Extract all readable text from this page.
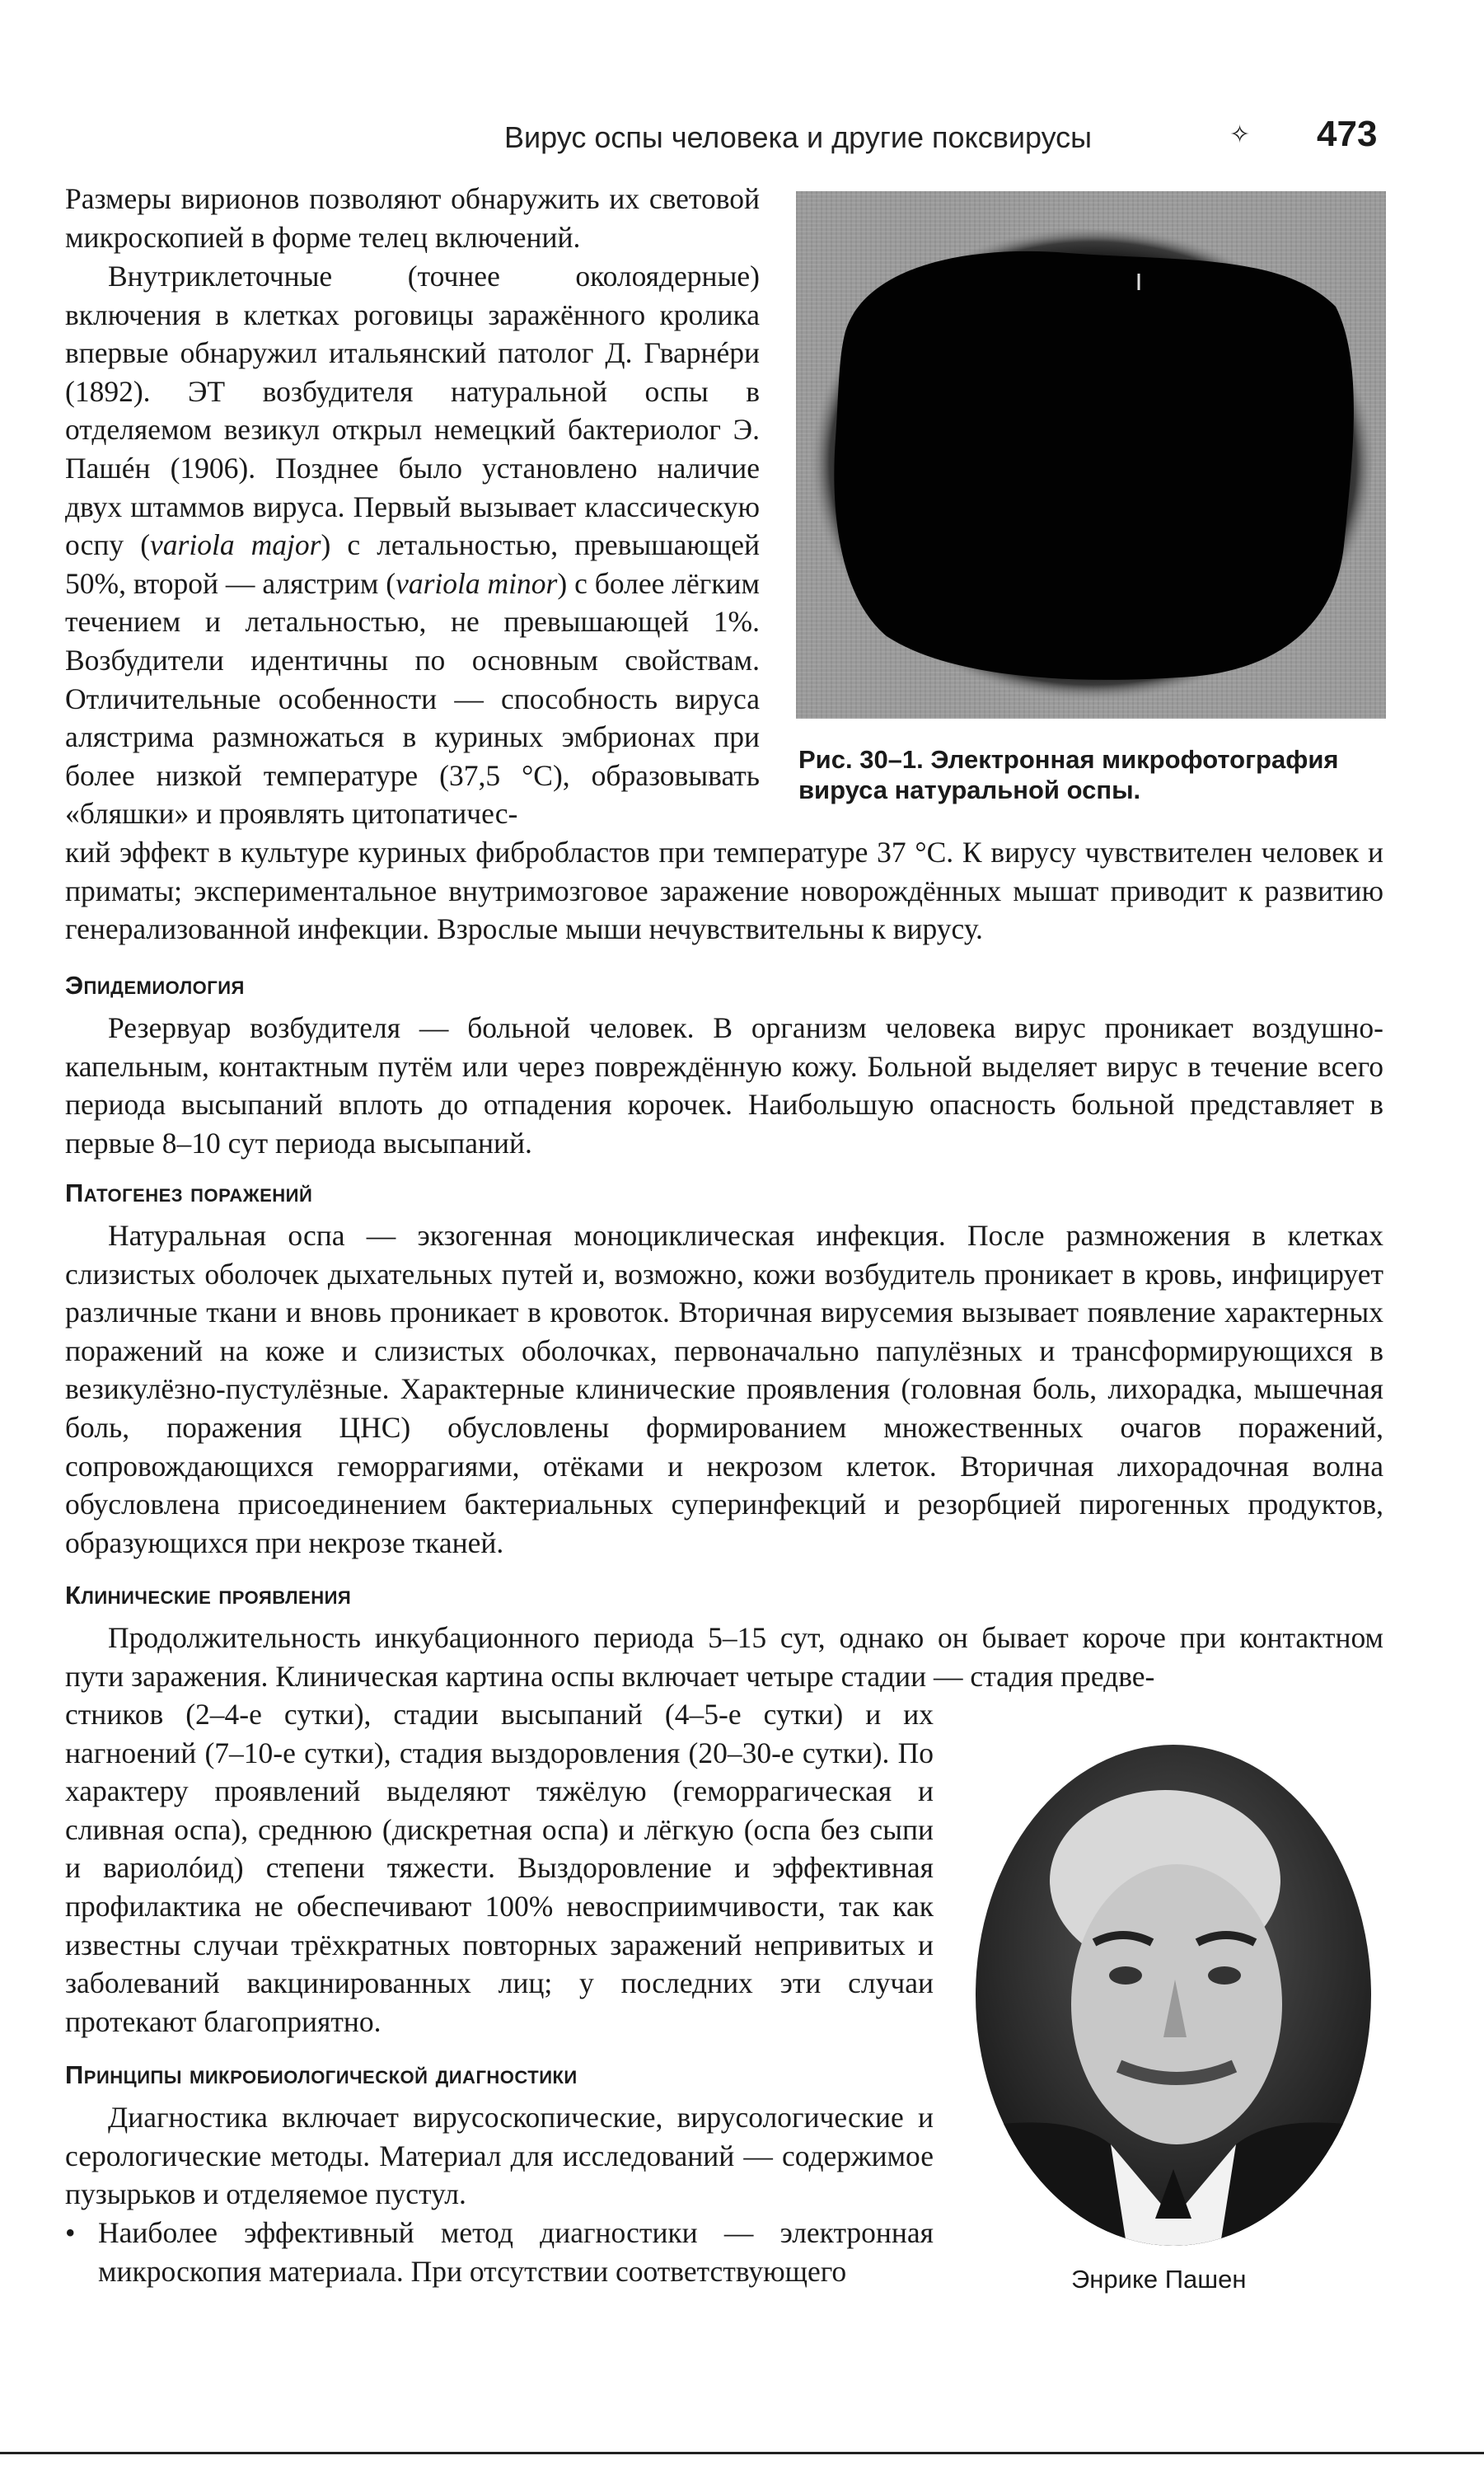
Вирус оспы человека и другие поксвирусы	✧ 473

Размеры вирионов позволяют обнаружить их световой микроскопией в форме телец включений.

Внутриклеточные (точнее околоядерные) включения в клетках роговицы заражённого кролика впервые обнаружил итальянский патолог Д. Гварнéри (1892). ЭТ возбудителя натуральной оспы в отделяемом везикул открыл немецкий бактериолог Э. Пашéн (1906). Позднее было установлено наличие двух штаммов вируса. Первый вызывает классическую оспу (variola major) с летальностью, превышающей 50%, второй — алястрим (variola minor) с более лёгким течением и летальностью, не превышающей 1%. Возбудители идентичны по основным свойствам. Отличительные особенности — способность вируса алястрима размножаться в куриных эмбрионах при более низкой температуре (37,5 °С), образовывать «бляшки» и проявлять цитопатичес-

Рис. 30–1. Электронная микрофотография вируса натуральной оспы.

кий эффект в культуре куриных фибробластов при температуре 37 °С. К вирусу чувствителен человек и приматы; экспериментальное внутримозговое заражение новорождённых мышат приводит к развитию генерализованной инфекции. Взрослые мыши нечувствительны к вирусу.

Эпидемиология

Резервуар возбудителя — больной человек. В организм человека вирус проникает воздушно-капельным, контактным путём или через повреждённую кожу. Больной выделяет вирус в течение всего периода высыпаний вплоть до отпадения корочек. Наибольшую опасность больной представляет в первые 8–10 сут периода высыпаний.

Патогенез поражений

Натуральная оспа — экзогенная моноциклическая инфекция. После размножения в клетках слизистых оболочек дыхательных путей и, возможно, кожи возбудитель проникает в кровь, инфицирует различные ткани и вновь проникает в кровоток. Вторичная вирусемия вызывает появление характерных поражений на коже и слизистых оболочках, первоначально папулёзных и трансформирующихся в везикулёзно-пустулёзные. Характерные клинические проявления (головная боль, лихорадка, мышечная боль, поражения ЦНС) обусловлены формированием множественных очагов поражений, сопровождающихся геморрагиями, отёками и некрозом клеток. Вторичная лихорадочная волна обусловлена присоединением бактериальных суперинфекций и резорбцией пирогенных продуктов, образующихся при некрозе тканей.

Клинические проявления

Продолжительность инкубационного периода 5–15 сут, однако он бывает короче при контактном пути заражения. Клиническая картина оспы включает четыре стадии — стадия предве-

стников (2–4-е сутки), стадии высыпаний (4–5-е сутки) и их нагноений (7–10-е сутки), стадия выздоровления (20–30-е сутки). По характеру проявлений выделяют тяжёлую (геморрагическая и сливная оспа), среднюю (дискретная оспа) и лёгкую (оспа без сыпи и вариолóид) степени тяжести. Выздоровление и эффективная профилактика не обеспечивают 100% невосприимчивости, так как известны случаи трёхкратных повторных заражений непривитых и заболеваний вакцинированных лиц; у последних эти случаи протекают благоприятно.

Принципы микробиологической диагностики

Диагностика включает вирусоскопические, вирусологические и серологические методы. Материал для исследований — содержимое пузырьков и отделяемое пустул.

• Наиболее эффективный метод диагностики — электронная микроскопия материала. При отсутствии соответствующего	Энрике Пашен
